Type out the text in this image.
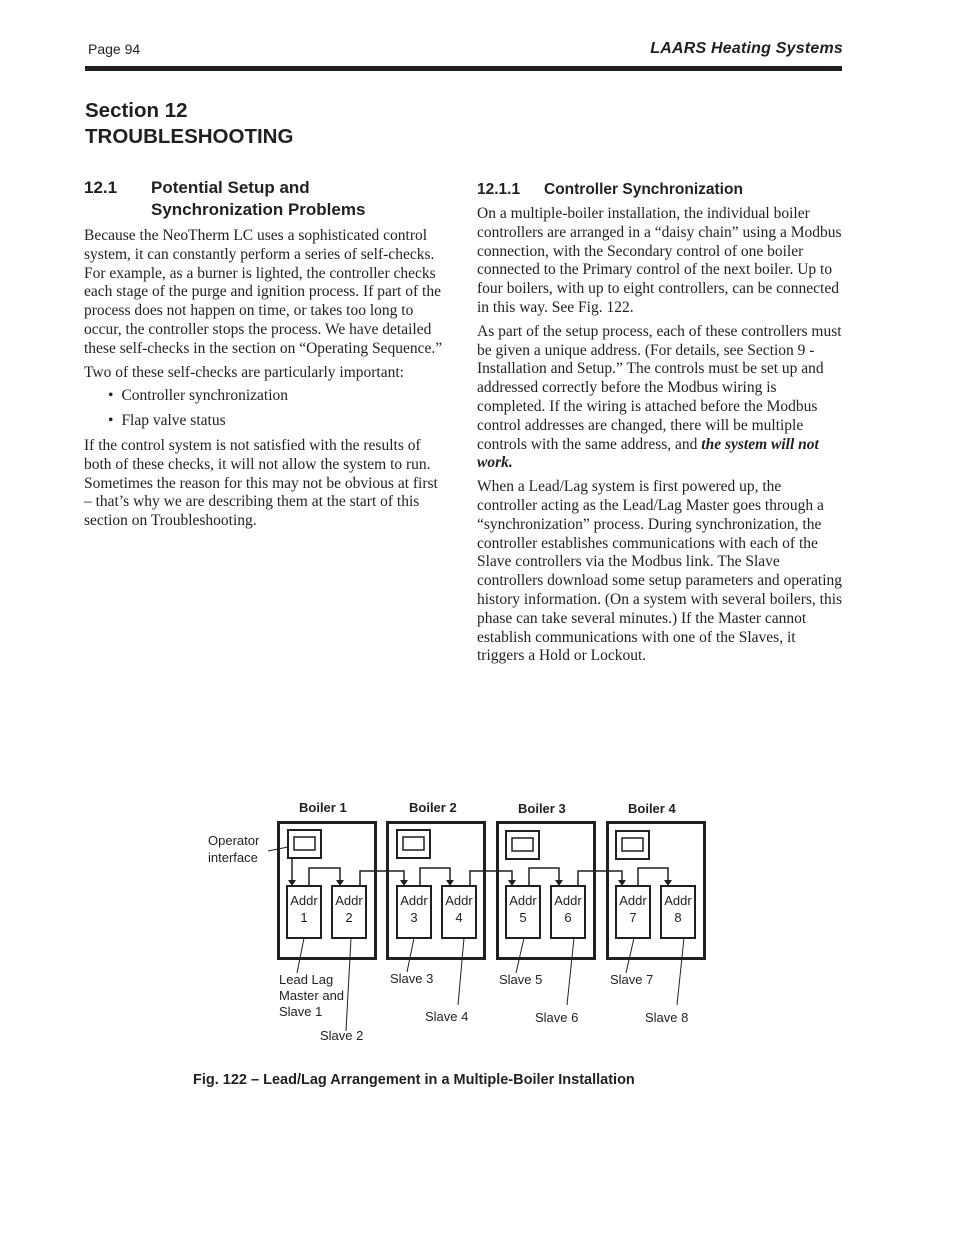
Page 94	LAARS Heating Systems
Section 12
TROUBLESHOOTING
12.1	Potential Setup and
Synchronization Problems

Because the NeoTherm LC uses a sophisticated control system, it can constantly perform a series of self-checks. For example, as a burner is lighted, the controller checks each stage of the purge and ignition process. If part of the process does not happen on time, or takes too long to occur, the controller stops the process. We have detailed these self-checks in the section on “Operating Sequence.”

Two of these self-checks are particularly important:

• Controller synchronization
• Flap valve status

If the control system is not satisfied with the results of both of these checks, it will not allow the system to run. Sometimes the reason for this may not be obvious at first – that’s why we are describing them at the start of this section on Troubleshooting.

12.1.1	Controller Synchronization

On a multiple-boiler installation, the individual boiler controllers are arranged in a “daisy chain” using a Modbus connection, with the Secondary control of one boiler connected to the Primary control of the next boiler. Up to four boilers, with up to eight controllers, can be connected in this way. See Fig. 122.

As part of the setup process, each of these controllers must be given a unique address. (For details, see Section 9 - Installation and Setup.” The controls must be set up and addressed correctly before the Modbus wiring is completed. If the wiring is attached before the Modbus control addresses are changed, there will be multiple controls with the same address, and the system will not work.

When a Lead/Lag system is first powered up, the controller acting as the Lead/Lag Master goes through a “synchronization” process. During synchronization, the controller establishes communications with each of the Slave controllers via the Modbus link. The Slave controllers download some setup parameters and operating history information. (On a system with several boilers, this phase can take several minutes.) If the Master cannot establish communications with one of the Slaves, it triggers a Hold or Lockout.

Boiler 1	Boiler 2	Boiler 3	Boiler 4
Addr
1
Addr
2
Addr
3
Addr
4
Addr
5
Addr
6
Addr
7
Addr
8
Operator
interface
Lead Lag
Master and
Slave 1
Slave 2
Slave 3
Slave 4
Slave 5
Slave 6
Slave 7
Slave 8
Fig. 122 – Lead/Lag Arrangement in a Multiple-Boiler Installation
